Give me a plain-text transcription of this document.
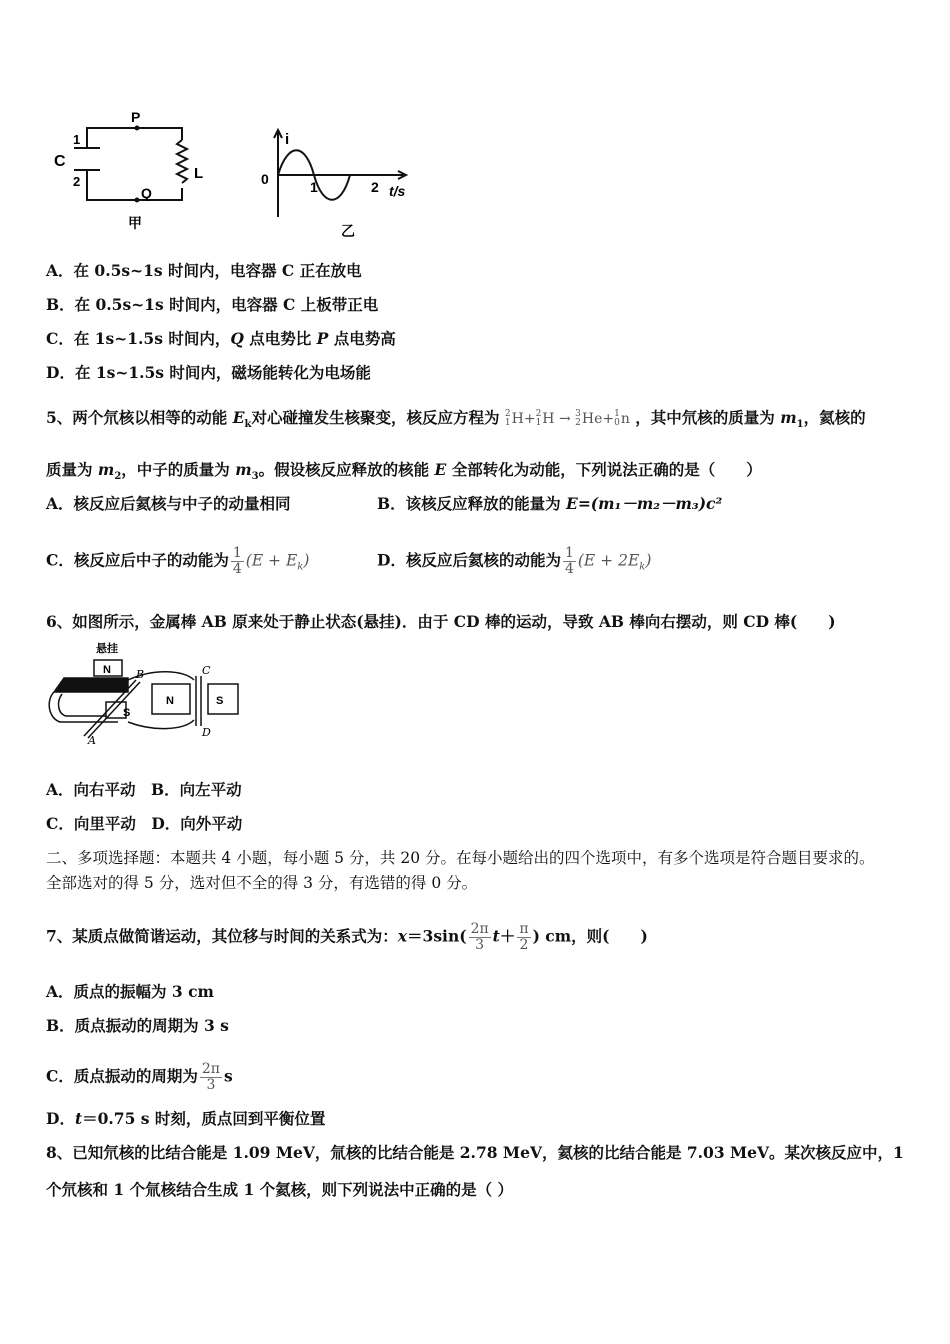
C
1
2
P
Q
L
甲
i
0	1	2 t/s
乙
A．在 0.5s~1s 时间内，电容器 C 正在放电
B．在 0.5s~1s 时间内，电容器 C 上板带正电
C．在 1s~1.5s 时间内，Q 点电势比 P 点电势高
D．在 1s~1.5s 时间内，磁场能转化为电场能
5、两个氘核以相等的动能 $E_k$对心碰撞发生核聚变，核反应方程为 2
1 H+ 2
1 H → 3
2 He+ 1
0 n ，其中氘核的质量为 $m_1$，氦核的
质量为 $m_2$，中子的质量为 $m_3$。假设核反应释放的核能 E 全部转化为动能，下列说法正确的是（　　）
A．核反应后氦核与中子的动量相同	B．该核反应释放的能量为 E=(m₁－m₂－m₃)c²
C．核反应后中子的动能为 $\frac{1}{4} (E + E_k)$	D．核反应后氦核的动能为 $\frac{1}{4} (E + 2E_k)$
6、如图所示，金属棒 AB 原来处于静止状态(悬挂)．由于 CD 棒的运动，导致 AB 棒向右摆动，则 CD 棒(　　)
悬挂
N
S
B
A
N	S
C
D
A．向右平动　B．向左平动
C．向里平动　D．向外平动
二、多项选择题：本题共 4 小题，每小题 5 分，共 20 分。在每小题给出的四个选项中，有多个选项是符合题目要求的。
全部选对的得 5 分，选对但不全的得 3 分，有选错的得 0 分。
7、某质点做简谐运动，其位移与时间的关系式为：$x=3\sin( \frac{2\pi}{3} t+ \frac{\pi}{2}$ ) cm，则(　　)
A．质点的振幅为 3 cm
B．质点振动的周期为 3 s
C．质点振动的周期为 $\frac{2\pi}{3}$ s
D．t＝0.75 s 时刻，质点回到平衡位置
8、已知氘核的比结合能是 1.09 MeV，氚核的比结合能是 2.78 MeV，氦核的比结合能是 7.03 MeV。某次核反应中，1
个氘核和 1 个氚核结合生成 1 个氦核，则下列说法中正确的是（ ）
